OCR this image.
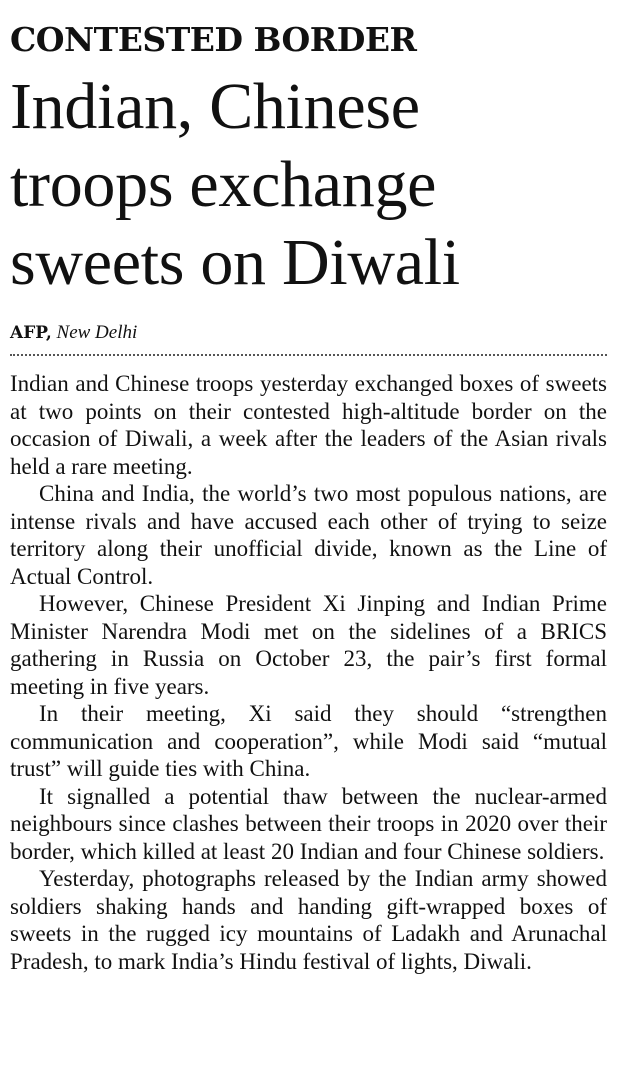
CONTESTED BORDER
Indian, Chinese
troops exchange
sweets on Diwali
AFP, New Delhi

Indian and Chinese troops yesterday exchanged boxes of sweets at two points on their contested high-altitude border on the occasion of Diwali, a week after the leaders of the Asian rivals held a rare meeting.

China and India, the world’s two most populous nations, are intense rivals and have accused each other of trying to seize territory along their unofficial divide, known as the Line of Actual Control.

However, Chinese President Xi Jinping and Indian Prime Minister Narendra Modi met on the sidelines of a BRICS gathering in Russia on October 23, the pair’s first formal meeting in five years.

In their meeting, Xi said they should “strengthen communication and cooperation”, while Modi said “mutual trust” will guide ties with China.

It signalled a potential thaw between the nuclear-armed neighbours since clashes between their troops in 2020 over their border, which killed at least 20 Indian and four Chinese soldiers.

Yesterday, photographs released by the Indian army showed soldiers shaking hands and handing gift-wrapped boxes of sweets in the rugged icy mountains of Ladakh and Arunachal Pradesh, to mark India’s Hindu festival of lights, Diwali.
